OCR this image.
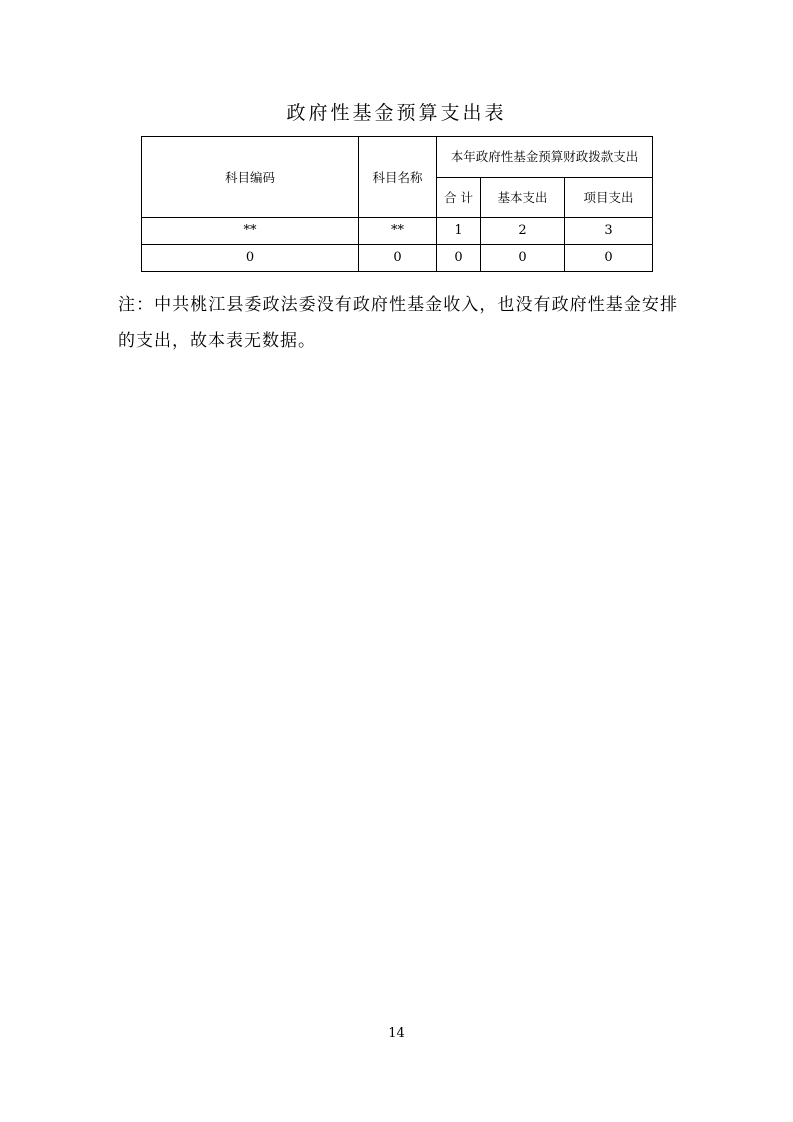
政府性基金预算支出表
科目编码	科目名称	本年政府性基金预算财政拨款支出		
		合 计	基本支出	项目支出
**	**	1	2	3
0	0	0	0	0
注：中共桃江县委政法委没有政府性基金收入，也没有政府性基金安排的支出，故本表无数据。
14
